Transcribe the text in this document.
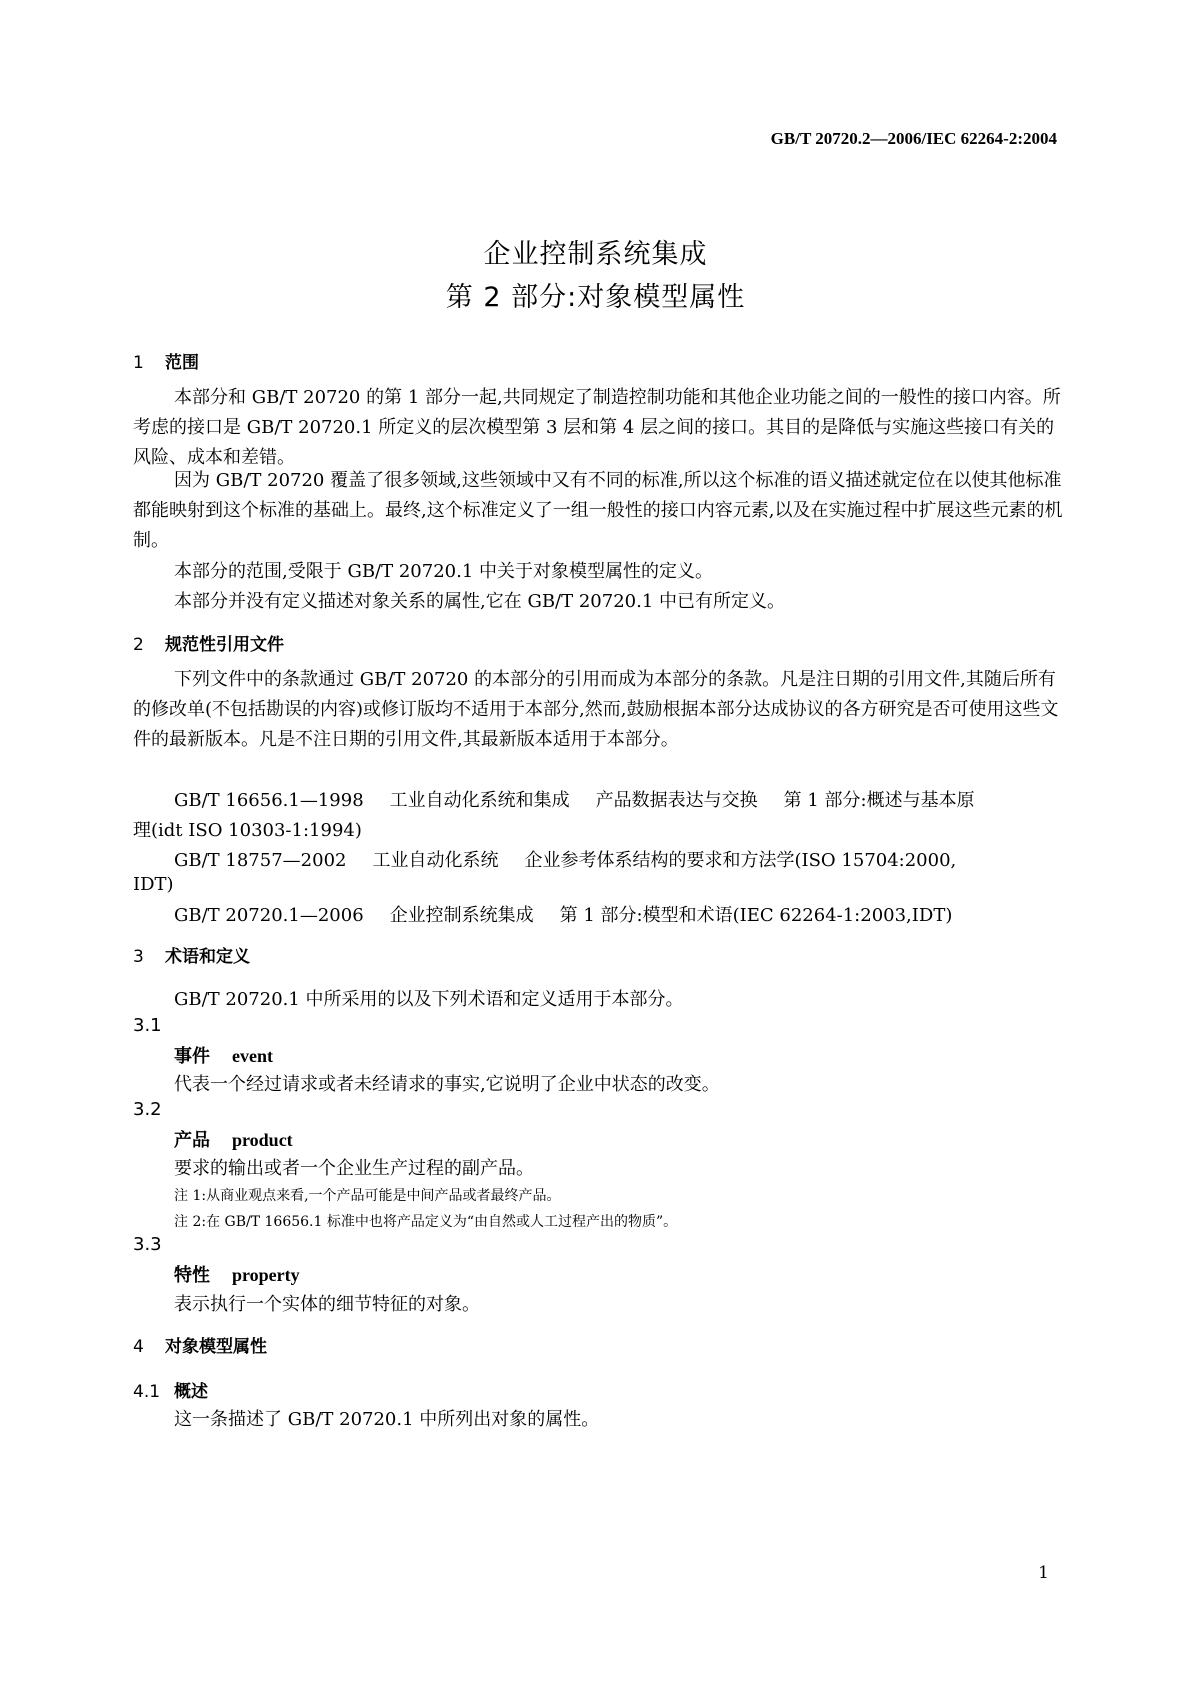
GB/T 20720.2—2006/IEC 62264-2:2004
企业控制系统集成
第 2 部分:对象模型属性
1 范围
本部分和 GB/T 20720 的第 1 部分一起,共同规定了制造控制功能和其他企业功能之间的一般性的接口内容。所考虑的接口是 GB/T 20720.1 所定义的层次模型第 3 层和第 4 层之间的接口。其目的是降低与实施这些接口有关的风险、成本和差错。
因为 GB/T 20720 覆盖了很多领域,这些领域中又有不同的标准,所以这个标准的语义描述就定位在以使其他标准都能映射到这个标准的基础上。最终,这个标准定义了一组一般性的接口内容元素,以及在实施过程中扩展这些元素的机制。
本部分的范围,受限于 GB/T 20720.1 中关于对象模型属性的定义。
本部分并没有定义描述对象关系的属性,它在 GB/T 20720.1 中已有所定义。
2 规范性引用文件
下列文件中的条款通过 GB/T 20720 的本部分的引用而成为本部分的条款。凡是注日期的引用文件,其随后所有的修改单(不包括勘误的内容)或修订版均不适用于本部分,然而,鼓励根据本部分达成协议的各方研究是否可使用这些文件的最新版本。凡是不注日期的引用文件,其最新版本适用于本部分。
GB/T 16656.1—1998 工业自动化系统和集成 产品数据表达与交换 第 1 部分:概述与基本原
理(idt ISO 10303-1:1994)
GB/T 18757—2002 工业自动化系统 企业参考体系结构的要求和方法学(ISO 15704:2000,
IDT)
GB/T 20720.1—2006 企业控制系统集成 第 1 部分:模型和术语(IEC 62264-1:2003,IDT)
3 术语和定义
GB/T 20720.1 中所采用的以及下列术语和定义适用于本部分。
3.1
事件 event
代表一个经过请求或者未经请求的事实,它说明了企业中状态的改变。
3.2
产品 product
要求的输出或者一个企业生产过程的副产品。
注 1:从商业观点来看,一个产品可能是中间产品或者最终产品。
注 2:在 GB/T 16656.1 标准中也将产品定义为“由自然或人工过程产出的物质”。
3.3
特性 property
表示执行一个实体的细节特征的对象。
4 对象模型属性
4.1 概述
这一条描述了 GB/T 20720.1 中所列出对象的属性。
1
